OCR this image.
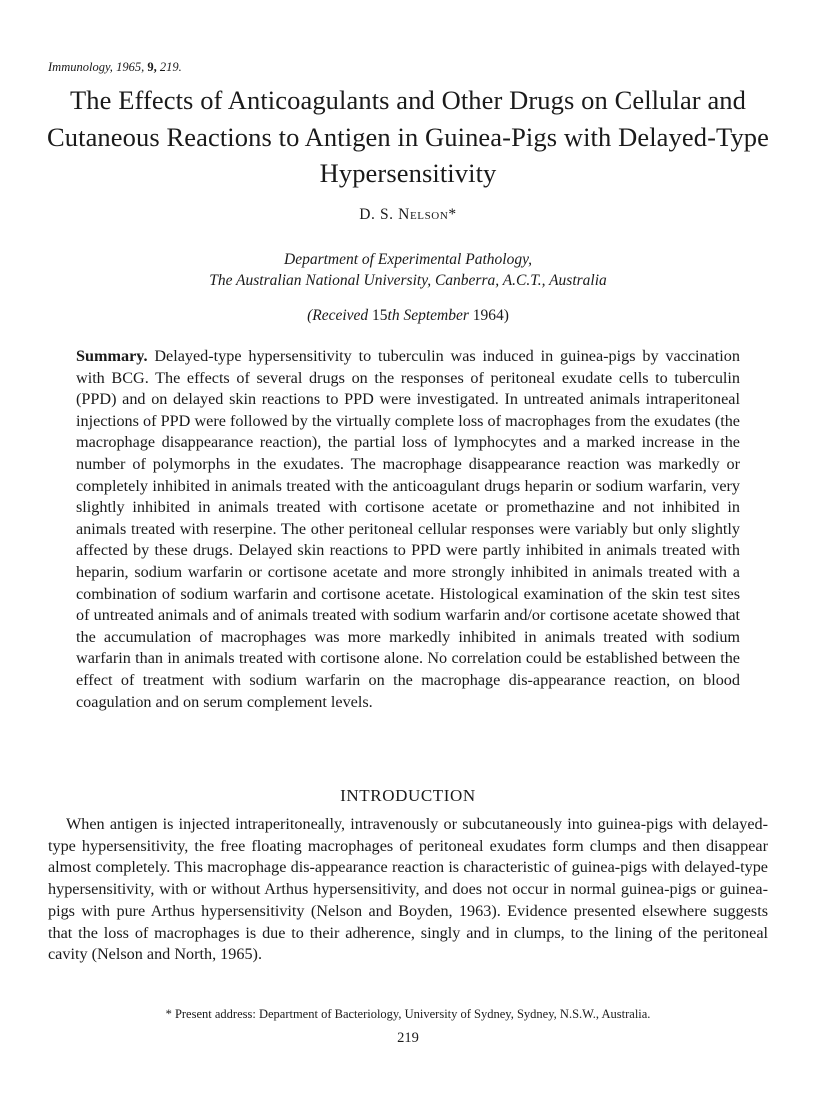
Immunology, 1965, 9, 219.
The Effects of Anticoagulants and Other Drugs on Cellular and Cutaneous Reactions to Antigen in Guinea-Pigs with Delayed-Type Hypersensitivity
D. S. Nelson*
Department of Experimental Pathology,
The Australian National University, Canberra, A.C.T., Australia
(Received 15th September 1964)

Summary. Delayed-type hypersensitivity to tuberculin was induced in guinea-pigs by vaccination with BCG. The effects of several drugs on the responses of peritoneal exudate cells to tuberculin (PPD) and on delayed skin reactions to PPD were investigated. In untreated animals intraperitoneal injections of PPD were followed by the virtually complete loss of macrophages from the exudates (the macrophage disappearance reaction), the partial loss of lymphocytes and a marked increase in the number of polymorphs in the exudates. The macrophage disappearance reaction was markedly or completely inhibited in animals treated with the anticoagulant drugs heparin or sodium warfarin, very slightly inhibited in animals treated with cortisone acetate or promethazine and not inhibited in animals treated with reserpine. The other peritoneal cellular responses were variably but only slightly affected by these drugs. Delayed skin reactions to PPD were partly inhibited in animals treated with heparin, sodium warfarin or cortisone acetate and more strongly inhibited in animals treated with a combination of sodium warfarin and cortisone acetate. Histological examination of the skin test sites of untreated animals and of animals treated with sodium warfarin and/or cortisone acetate showed that the accumulation of macrophages was more markedly inhibited in animals treated with sodium warfarin than in animals treated with cortisone alone. No correlation could be established between the effect of treatment with sodium warfarin on the macrophage dis-appearance reaction, on blood coagulation and on serum complement levels.

INTRODUCTION

When antigen is injected intraperitoneally, intravenously or subcutaneously into guinea-pigs with delayed-type hypersensitivity, the free floating macrophages of peritoneal exudates form clumps and then disappear almost completely. This macrophage dis-appearance reaction is characteristic of guinea-pigs with delayed-type hypersensitivity, with or without Arthus hypersensitivity, and does not occur in normal guinea-pigs or guinea-pigs with pure Arthus hypersensitivity (Nelson and Boyden, 1963). Evidence presented elsewhere suggests that the loss of macrophages is due to their adherence, singly and in clumps, to the lining of the peritoneal cavity (Nelson and North, 1965).

* Present address: Department of Bacteriology, University of Sydney, Sydney, N.S.W., Australia.
219
